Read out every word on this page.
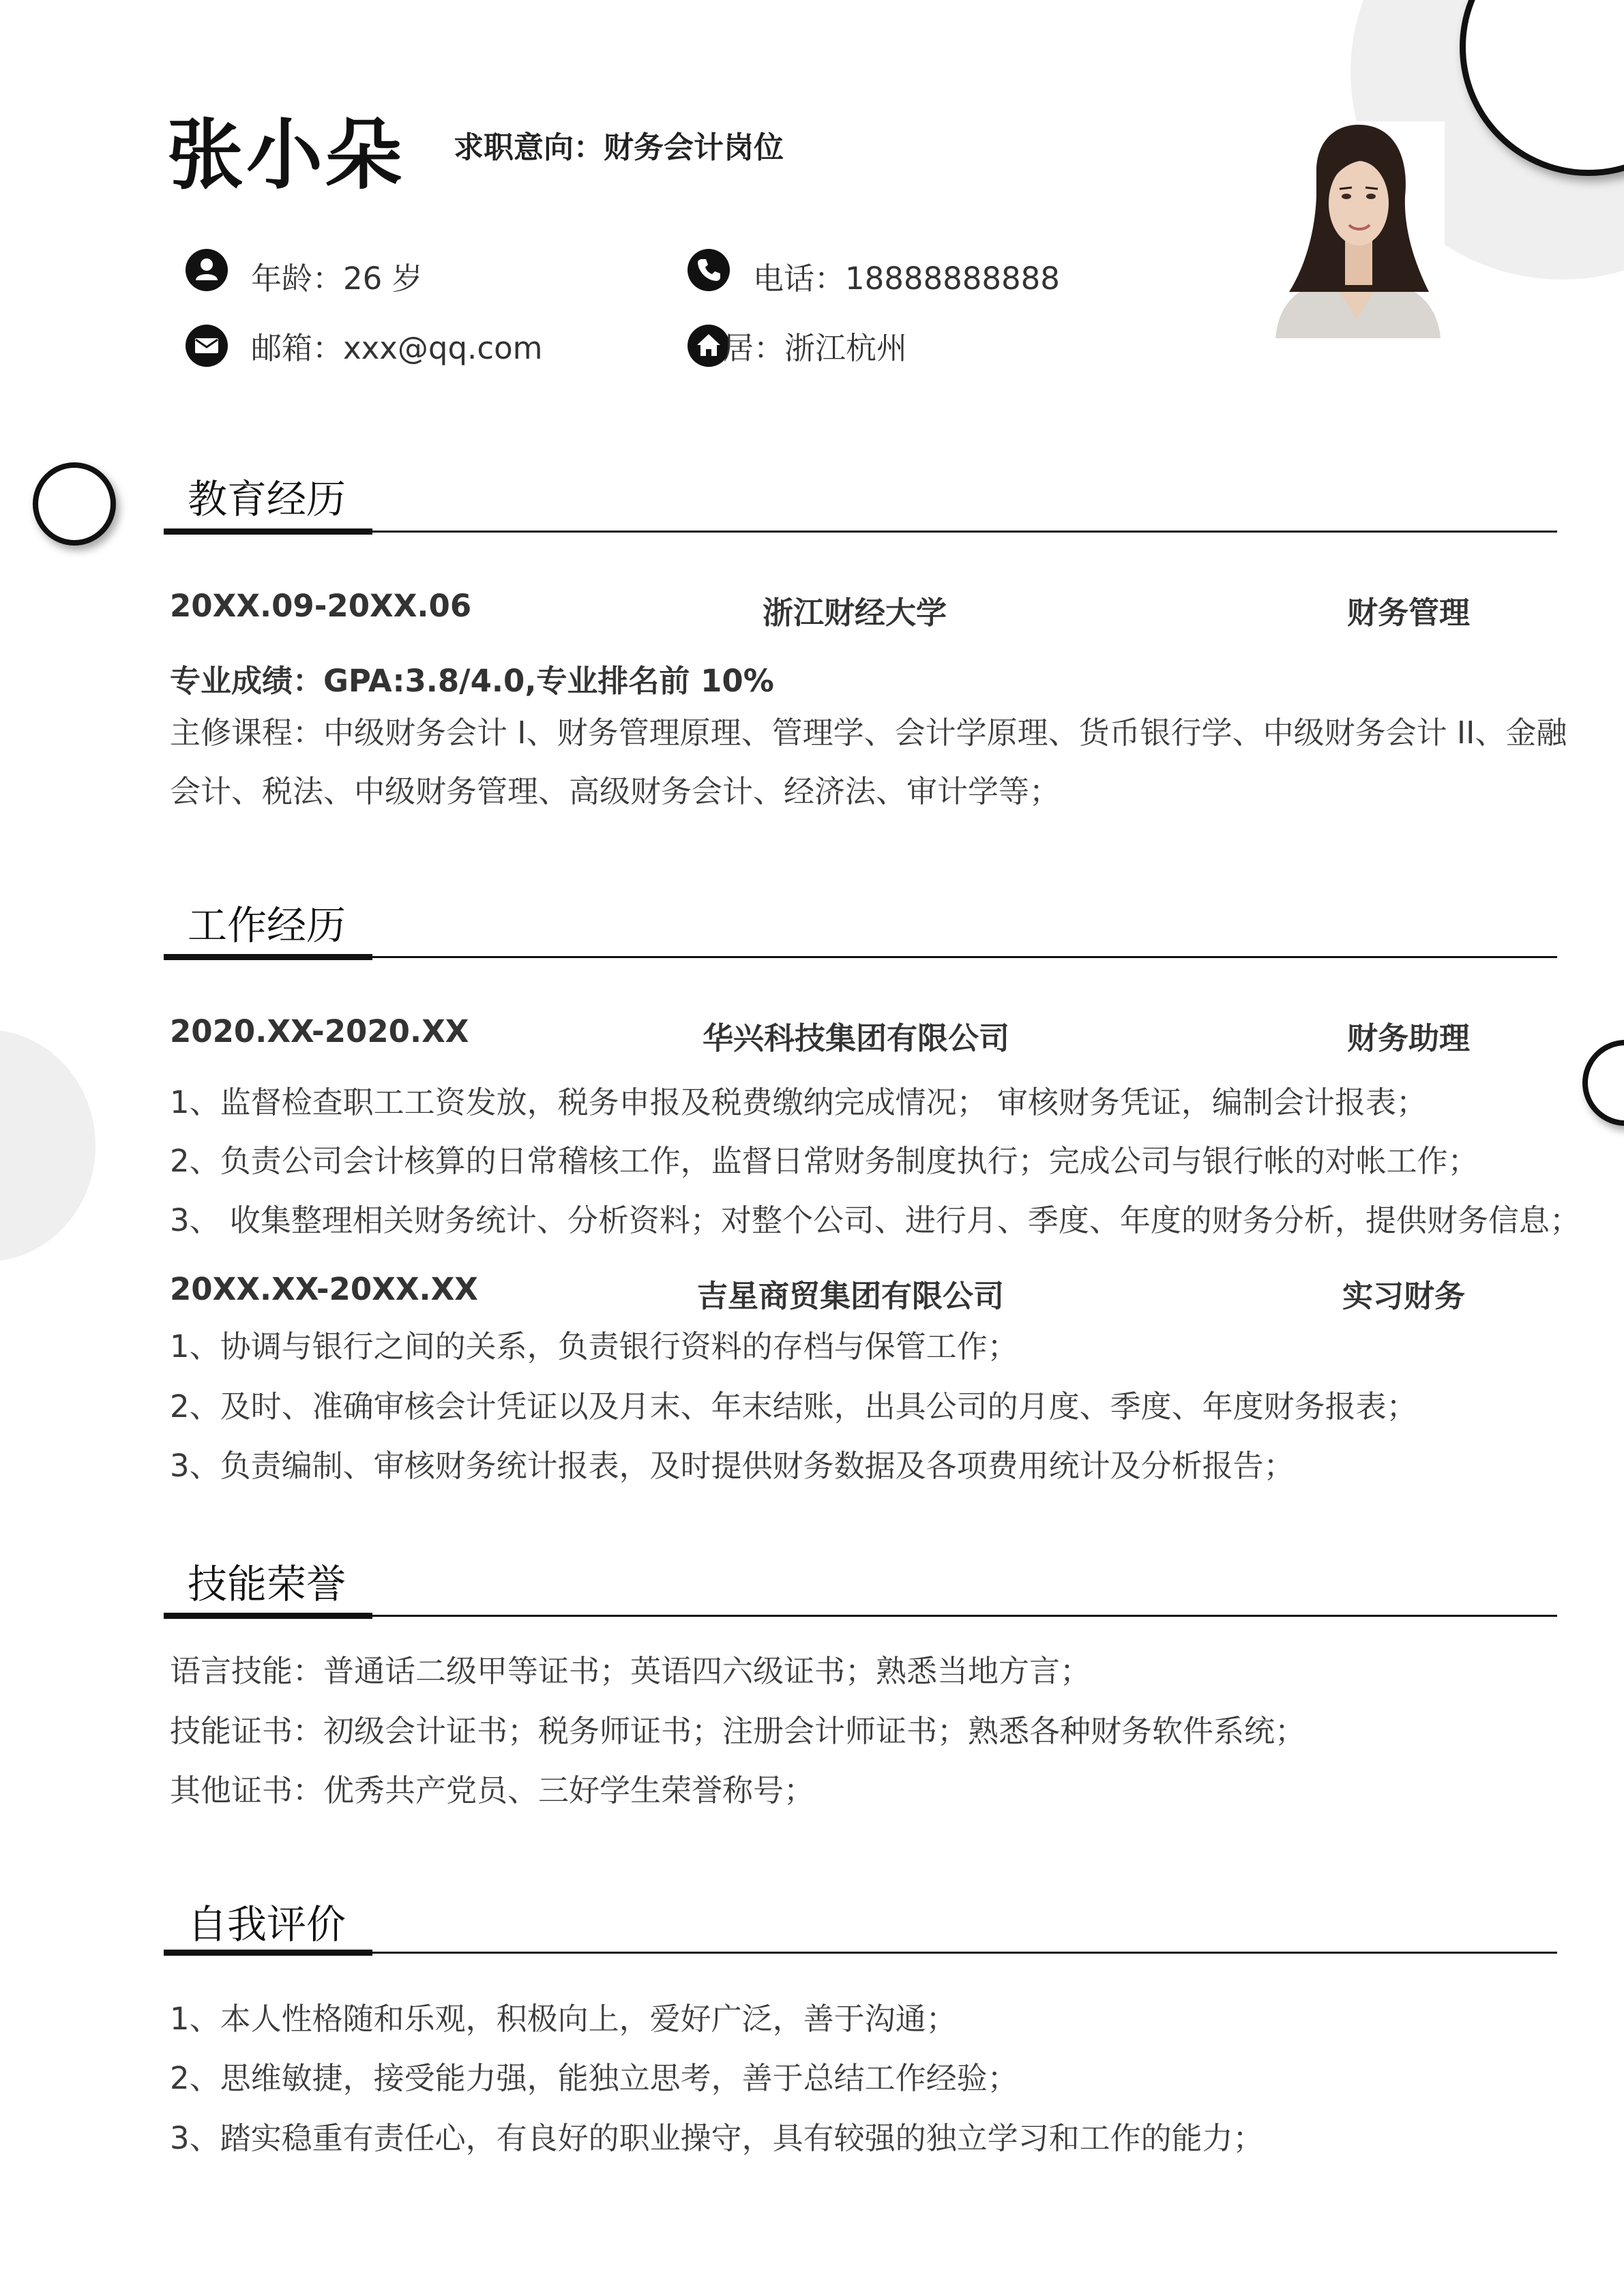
张小朵 求职意向：财务会计岗位
年龄：26 岁	电话：18888888888
邮箱：xxx@qq.com	居：浙江杭州
教育经历
20XX.09-20XX.06	浙江财经大学	财务管理
专业成绩：GPA:3.8/4.0,专业排名前 10%
主修课程：中级财务会计 I、财务管理原理、管理学、会计学原理、货币银行学、中级财务会计 II、金融
会计、税法、中级财务管理、高级财务会计、经济法、审计学等；
工作经历
2020.XX-2020.XX	华兴科技集团有限公司	财务助理
1、监督检查职工工资发放，税务申报及税费缴纳完成情况； 审核财务凭证，编制会计报表；
2、负责公司会计核算的日常稽核工作，监督日常财务制度执行；完成公司与银行帐的对帐工作；
3、 收集整理相关财务统计、分析资料；对整个公司、进行月、季度、年度的财务分析，提供财务信息；
20XX.XX-20XX.XX	吉星商贸集团有限公司	实习财务
1、协调与银行之间的关系，负责银行资料的存档与保管工作；
2、及时、准确审核会计凭证以及月末、年末结账，出具公司的月度、季度、年度财务报表；
3、负责编制、审核财务统计报表，及时提供财务数据及各项费用统计及分析报告；
技能荣誉
语言技能：普通话二级甲等证书；英语四六级证书；熟悉当地方言；
技能证书：初级会计证书；税务师证书；注册会计师证书；熟悉各种财务软件系统；
其他证书：优秀共产党员、三好学生荣誉称号；
自我评价
1、本人性格随和乐观，积极向上，爱好广泛，善于沟通；
2、思维敏捷，接受能力强，能独立思考，善于总结工作经验；
3、踏实稳重有责任心，有良好的职业操守，具有较强的独立学习和工作的能力；
